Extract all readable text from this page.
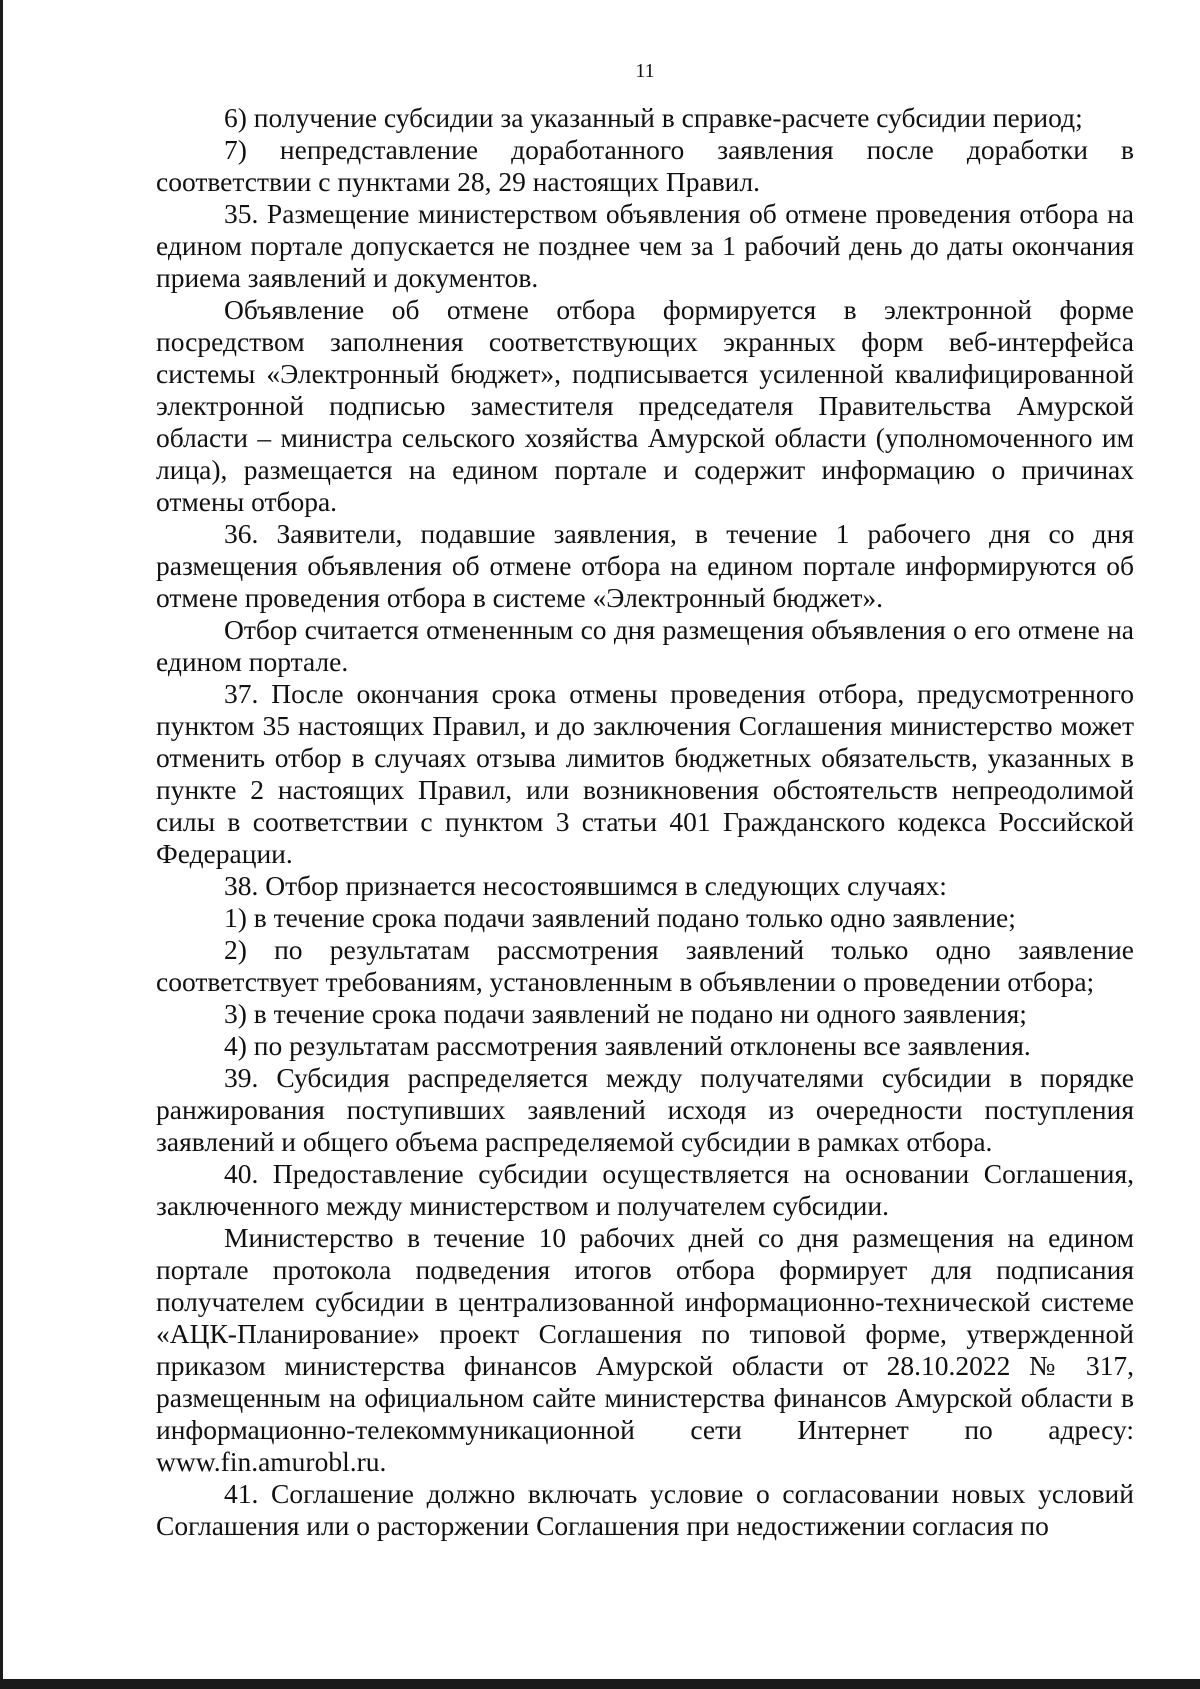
11

6) получение субсидии за указанный в справке-расчете субсидии период;

7) непредставление доработанного заявления после доработки в соответствии с пунктами 28, 29 настоящих Правил.

35. Размещение министерством объявления об отмене проведения отбора на едином портале допускается не позднее чем за 1 рабочий день до даты окончания приема заявлений и документов.

Объявление об отмене отбора формируется в электронной форме посредством заполнения соответствующих экранных форм веб-интерфейса системы «Электронный бюджет», подписывается усиленной квалифицированной электронной подписью заместителя председателя Правительства Амурской области – министра сельского хозяйства Амурской области (уполномоченного им лица), размещается на едином портале и содержит информацию о причинах отмены отбора.

36. Заявители, подавшие заявления, в течение 1 рабочего дня со дня размещения объявления об отмене отбора на едином портале информируются об отмене проведения отбора в системе «Электронный бюджет».

Отбор считается отмененным со дня размещения объявления о его отмене на едином портале.

37. После окончания срока отмены проведения отбора, предусмотренного пунктом 35 настоящих Правил, и до заключения Соглашения министерство может отменить отбор в случаях отзыва лимитов бюджетных обязательств, указанных в пункте 2 настоящих Правил, или возникновения обстоятельств непреодолимой силы в соответствии с пунктом 3 статьи 401 Гражданского кодекса Российской Федерации.

38. Отбор признается несостоявшимся в следующих случаях:

1) в течение срока подачи заявлений подано только одно заявление;

2) по результатам рассмотрения заявлений только одно заявление соответствует требованиям, установленным в объявлении о проведении отбора;

3) в течение срока подачи заявлений не подано ни одного заявления;

4) по результатам рассмотрения заявлений отклонены все заявления.

39. Субсидия распределяется между получателями субсидии в порядке ранжирования поступивших заявлений исходя из очередности поступления заявлений и общего объема распределяемой субсидии в рамках отбора.

40. Предоставление субсидии осуществляется на основании Соглашения, заключенного между министерством и получателем субсидии.

Министерство в течение 10 рабочих дней со дня размещения на едином портале протокола подведения итогов отбора формирует для подписания получателем субсидии в централизованной информационно-технической системе «АЦК-Планирование» проект Соглашения по типовой форме, утвержденной приказом министерства финансов Амурской области от 28.10.2022 № 317, размещенным на официальном сайте министерства финансов Амурской области в информационно-телекоммуникационной сети Интернет по адресу: www.fin.amurobl.ru.

41. Соглашение должно включать условие о согласовании новых условий Соглашения или о расторжении Соглашения при недостижении согласия по
